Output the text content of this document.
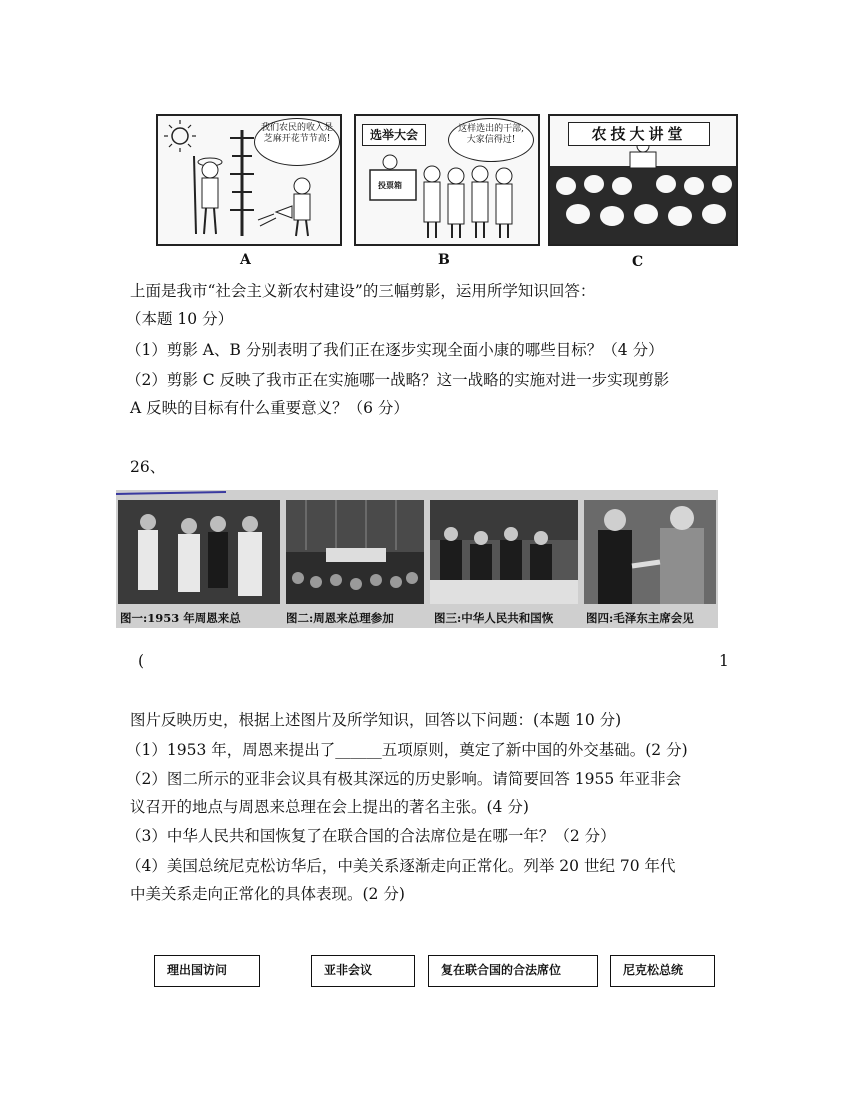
我们农民的收入是芝麻开花节节高!
A
选举大会
投票箱
这样选出的干部,大家信得过!
B
农技大讲堂
C
上面是我市“社会主义新农村建设”的三幅剪影，运用所学知识回答：
（本题 10 分）
（1）剪影 A、B 分别表明了我们正在逐步实现全面小康的哪些目标？（4 分）
（2）剪影 C 反映了我市正在实施哪一战略？这一战略的实施对进一步实现剪影
A 反映的目标有什么重要意义？（6 分）
26、
图一:1953 年周恩来总	图二:周恩来总理参加	图三:中华人民共和国恢	图四:毛泽东主席会见
(	1
图片反映历史，根据上述图片及所学知识，回答以下问题：(本题 10 分)
（1）1953 年，周恩来提出了______五项原则，奠定了新中国的外交基础。(2 分)
（2）图二所示的亚非会议具有极其深远的历史影响。请简要回答 1955 年亚非会
议召开的地点与周恩来总理在会上提出的著名主张。(4 分)
（3）中华人民共和国恢复了在联合国的合法席位是在哪一年？（2 分）
（4）美国总统尼克松访华后，中美关系逐渐走向正常化。列举 20 世纪 70 年代
中美关系走向正常化的具体表现。(2 分)
理出国访问	亚非会议	复在联合国的合法席位	尼克松总统
